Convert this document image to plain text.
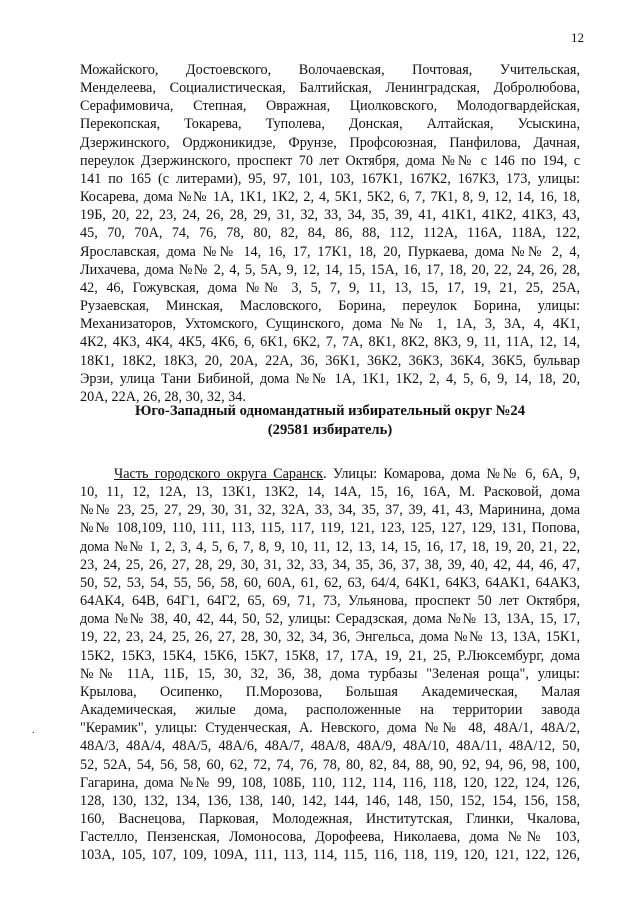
12
Можайского, Достоевского, Волочаевская, Почтовая, Учительская,
Менделеева, Социалистическая, Балтийская, Ленинградская, Добролюбова,
Серафимовича, Степная, Овражная, Циолковского, Молодогвардейская,
Перекопская, Токарева, Туполева, Донская, Алтайская, Усыскина,
Дзержинского, Орджоникидзе, Фрунзе, Профсоюзная, Панфилова, Дачная,
переулок Дзержинского, проспект 70 лет Октября, дома №№ с 146 по 194, с
141 по 165 (с литерами), 95, 97, 101, 103, 167К1, 167К2, 167К3, 173, улицы:
Косарева, дома №№ 1А, 1К1, 1К2, 2, 4, 5К1, 5К2, 6, 7, 7К1, 8, 9, 12, 14, 16, 18,
19Б, 20, 22, 23, 24, 26, 28, 29, 31, 32, 33, 34, 35, 39, 41, 41К1, 41К2, 41К3, 43,
45, 70, 70А, 74, 76, 78, 80, 82, 84, 86, 88, 112, 112А, 116А, 118А, 122,
Ярославская, дома №№ 14, 16, 17, 17К1, 18, 20, Пуркаева, дома №№ 2, 4,
Лихачева, дома №№ 2, 4, 5, 5А, 9, 12, 14, 15, 15А, 16, 17, 18, 20, 22, 24, 26, 28,
42, 46, Гожувская, дома №№ 3, 5, 7, 9, 11, 13, 15, 17, 19, 21, 25, 25А,
Рузаевская, Минская, Масловского, Борина, переулок Борина, улицы:
Механизаторов, Ухтомского, Сущинского, дома №№ 1, 1А, 3, 3А, 4, 4К1,
4К2, 4К3, 4К4, 4К5, 4К6, 6, 6К1, 6К2, 7, 7А, 8К1, 8К2, 8К3, 9, 11, 11А, 12, 14,
18К1, 18К2, 18К3, 20, 20А, 22А, 36, 36К1, 36К2, 36К3, 36К4, 36К5, бульвар
Эрзи, улица Тани Бибиной, дома №№ 1А, 1К1, 1К2, 2, 4, 5, 6, 9, 14, 18, 20,
20А, 22А, 26, 28, 30, 32, 34.
Юго-Западный одномандатный избирательный округ №24
(29581 избиратель)
Часть городского округа Саранск. Улицы: Комарова, дома №№ 6, 6А, 9,
10, 11, 12, 12А, 13, 13К1, 13К2, 14, 14А, 15, 16, 16А, М. Расковой, дома
№№ 23, 25, 27, 29, 30, 31, 32, 32А, 33, 34, 35, 37, 39, 41, 43, Маринина, дома
№№ 108,109, 110, 111, 113, 115, 117, 119, 121, 123, 125, 127, 129, 131, Попова,
дома №№ 1, 2, 3, 4, 5, 6, 7, 8, 9, 10, 11, 12, 13, 14, 15, 16, 17, 18, 19, 20, 21, 22,
23, 24, 25, 26, 27, 28, 29, 30, 31, 32, 33, 34, 35, 36, 37, 38, 39, 40, 42, 44, 46, 47,
50, 52, 53, 54, 55, 56, 58, 60, 60А, 61, 62, 63, 64/4, 64К1, 64К3, 64АК1, 64АК3,
64АК4, 64В, 64Г1, 64Г2, 65, 69, 71, 73, Ульянова, проспект 50 лет Октября,
дома №№ 38, 40, 42, 44, 50, 52, улицы: Серадзская, дома №№ 13, 13А, 15, 17,
19, 22, 23, 24, 25, 26, 27, 28, 30, 32, 34, 36, Энгельса, дома №№ 13, 13А, 15К1,
15К2, 15К3, 15К4, 15К6, 15К7, 15К8, 17, 17А, 19, 21, 25, Р.Люксембург, дома
№№ 11А, 11Б, 15, 30, 32, 36, 38, дома турбазы "Зеленая роща", улицы:
Крылова, Осипенко, П.Морозова, Большая Академическая, Малая
Академическая, жилые дома, расположенные на территории завода
"Керамик", улицы: Студенческая, А. Невского, дома №№ 48, 48А/1, 48А/2,
48А/3, 48А/4, 48А/5, 48А/6, 48А/7, 48А/8, 48А/9, 48А/10, 48А/11, 48А/12, 50,
52, 52А, 54, 56, 58, 60, 62, 72, 74, 76, 78, 80, 82, 84, 88, 90, 92, 94, 96, 98, 100,
Гагарина, дома №№ 99, 108, 108Б, 110, 112, 114, 116, 118, 120, 122, 124, 126,
128, 130, 132, 134, 136, 138, 140, 142, 144, 146, 148, 150, 152, 154, 156, 158,
160, Васнецова, Парковая, Молодежная, Институтская, Глинки, Чкалова,
Гастелло, Пензенская, Ломоносова, Дорофеева, Николаева, дома №№ 103,
103А, 105, 107, 109, 109А, 111, 113, 114, 115, 116, 118, 119, 120, 121, 122, 126,
.
